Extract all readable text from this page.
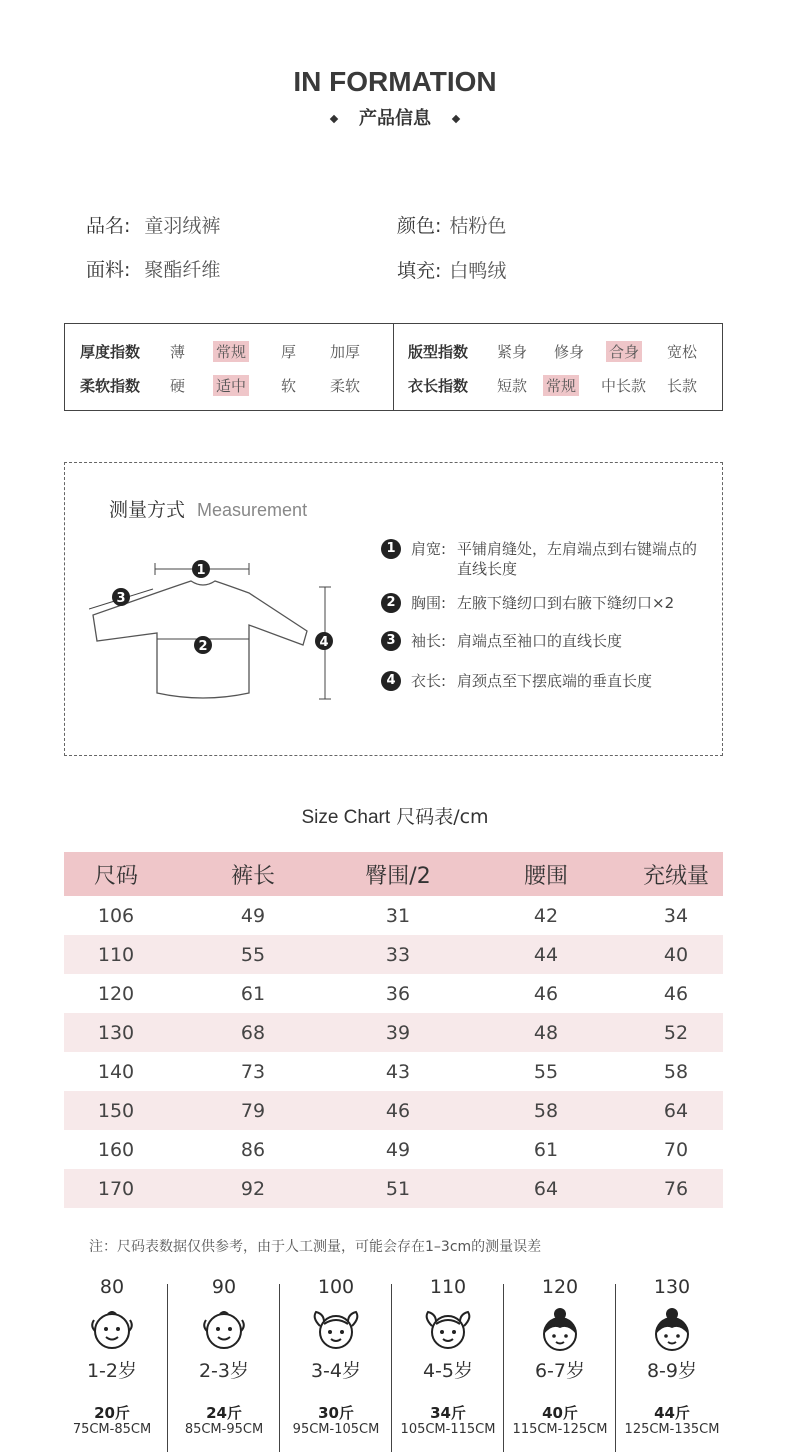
IN FORMATION
产品信息
品名: 童羽绒裤	颜色: 桔粉色
面料: 聚酯纤维	填充: 白鸭绒
厚度指数 薄 常规 厚 加厚	版型指数 紧身 修身 合身 宽松
柔软指数 硬 适中 软 柔软	衣长指数 短款 常规 中长款 长款
测量方式 Measurement
1
2
3
4
1	肩宽: 平铺肩缝处，左肩端点到右键端点的直线长度
2	胸围: 左腋下缝纫口到右腋下缝纫口×2
3	袖长: 肩端点至袖口的直线长度
4	衣长: 肩颈点至下摆底端的垂直长度
Size Chart 尺码表/cm
尺码	裤长	臀围/2	腰围	充绒量
106	49	31	42	34
110	55	33	44	40
120	61	36	46	46
130	68	39	48	52
140	73	43	55	58
150	79	46	58	64
160	86	49	61	70
170	92	51	64	76
注：尺码表数据仅供参考，由于人工测量，可能会存在1–3cm的测量误差
80
1-2岁
20斤
75CM-85CM
90
2-3岁
24斤
85CM-95CM
100
3-4岁
30斤
95CM-105CM
110
4-5岁
34斤
105CM-115CM
120
6-7岁
40斤
115CM-125CM
130
8-9岁
44斤
125CM-135CM
